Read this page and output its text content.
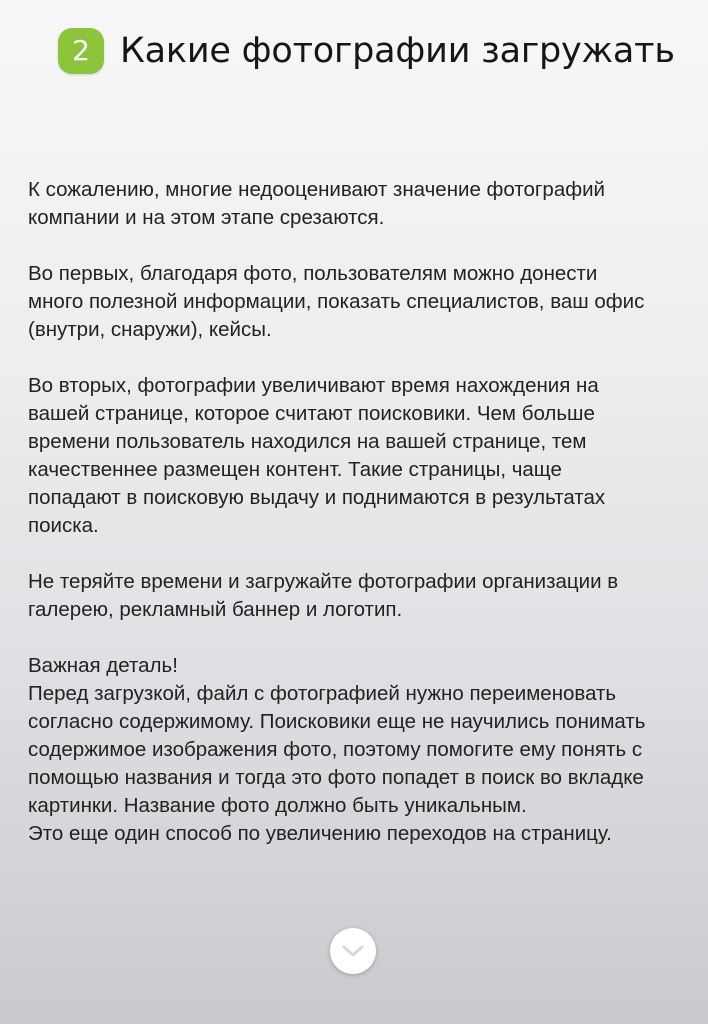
2 Какие фотографии загружать

К сожалению, многие недооценивают значение фотографий
компании и на этом этапе срезаются.

Во первых, благодаря фото, пользователям можно донести
много полезной информации, показать специалистов, ваш офис
(внутри, снаружи), кейсы.

Во вторых, фотографии увеличивают время нахождения на
вашей странице, которое считают поисковики. Чем больше
времени пользователь находился на вашей странице, тем
качественнее размещен контент. Такие страницы, чаще
попадают в поисковую выдачу и поднимаются в результатах
поиска.

Не теряйте времени и загружайте фотографии организации в
галерею, рекламный баннер и логотип.

Важная деталь!
Перед загрузкой, файл с фотографией нужно переименовать
согласно содержимому. Поисковики еще не научились понимать
содержимое изображения фото, поэтому помогите ему понять с
помощью названия и тогда это фото попадет в поиск во вкладке
картинки. Название фото должно быть уникальным.
Это еще один способ по увеличению переходов на страницу.
